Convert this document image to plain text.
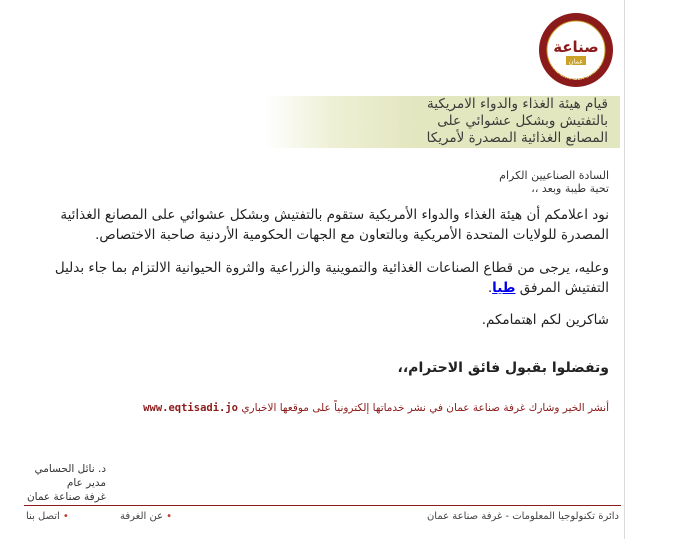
صناعة
عمان
AMMAN CHAMBER OF INDUSTR
قيام هيئة الغذاء والدواء الامريكية
بالتفتيش وبشكل عشوائي على
المصانع الغذائية المصدرة لأمريكا
السادة الصناعيين الكرام
تحية طيبة وبعد ،،
نود اعلامكم أن هيئة الغذاء والدواء الأمريكية ستقوم بالتفتيش وبشكل عشوائي على المصانع الغذائية المصدرة للولايات المتحدة الأمريكية وبالتعاون مع الجهات الحكومية الأردنية صاحبة الاختصاص.
وعليه، يرجى من قطاع الصناعات الغذائية والتموينية والزراعية والثروة الحيوانية الالتزام بما جاء بدليل التفتيش المرفق طيا.
شاكرين لكم اهتمامكم.
وتفضلوا بقبول فائق الاحترام،،
أنشر الخير وشارك غرفة صناعة عمان في نشر خدماتها إلكترونياً على موقعها الاخباري www.eqtisadi.jo
د. نائل الحسامي
مدير عام
غرفة صناعة عمان
دائرة تكنولوجيا المعلومات - غرفة صناعة عمان
•عن الغرفة
•اتصل بنا
